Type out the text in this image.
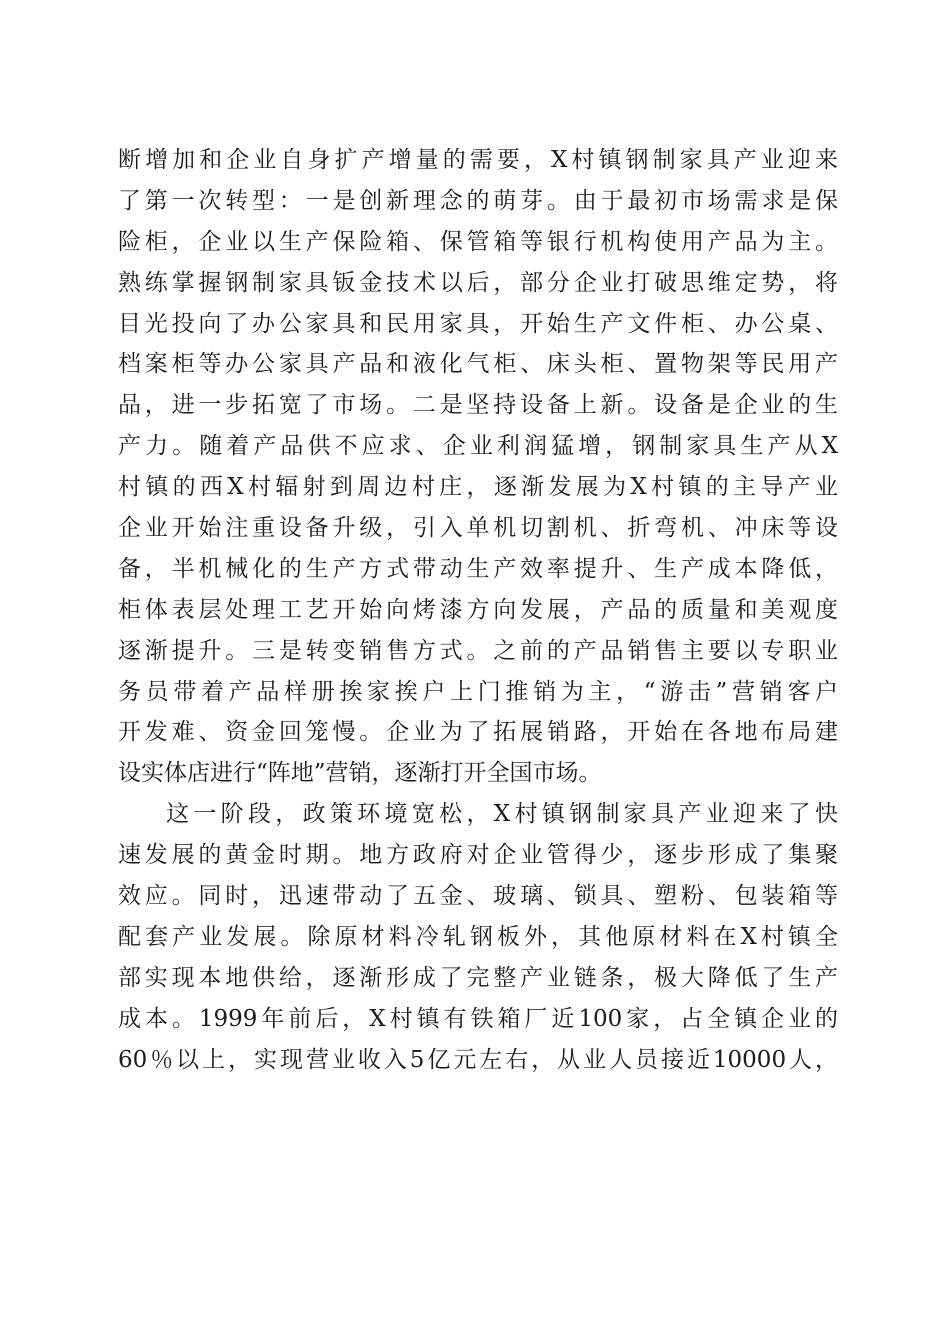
断增加和企业自身扩产增量的需要，X村镇钢制家具产业迎来
了第一次转型：一是创新理念的萌芽。由于最初市场需求是保
险柜，企业以生产保险箱、保管箱等银行机构使用产品为主。
熟练掌握钢制家具钣金技术以后，部分企业打破思维定势，将
目光投向了办公家具和民用家具，开始生产文件柜、办公桌、
档案柜等办公家具产品和液化气柜、床头柜、置物架等民用产
品，进一步拓宽了市场。二是坚持设备上新。设备是企业的生
产力。随着产品供不应求、企业利润猛增，钢制家具生产从X
村镇的西X村辐射到周边村庄，逐渐发展为X村镇的主导产业
企业开始注重设备升级，引入单机切割机、折弯机、冲床等设
备，半机械化的生产方式带动生产效率提升、生产成本降低，
柜体表层处理工艺开始向烤漆方向发展，产品的质量和美观度
逐渐提升。三是转变销售方式。之前的产品销售主要以专职业
务员带着产品样册挨家挨户上门推销为主，“游击”营销客户
开发难、资金回笼慢。企业为了拓展销路，开始在各地布局建
设实体店进行“阵地”营销，逐渐打开全国市场。
这一阶段，政策环境宽松，X村镇钢制家具产业迎来了快
速发展的黄金时期。地方政府对企业管得少，逐步形成了集聚
效应。同时，迅速带动了五金、玻璃、锁具、塑粉、包装箱等
配套产业发展。除原材料冷轧钢板外，其他原材料在X村镇全
部实现本地供给，逐渐形成了完整产业链条，极大降低了生产
成本。1999年前后，X村镇有铁箱厂近100家，占全镇企业的
60％以上，实现营业收入5亿元左右，从业人员接近10000人，
